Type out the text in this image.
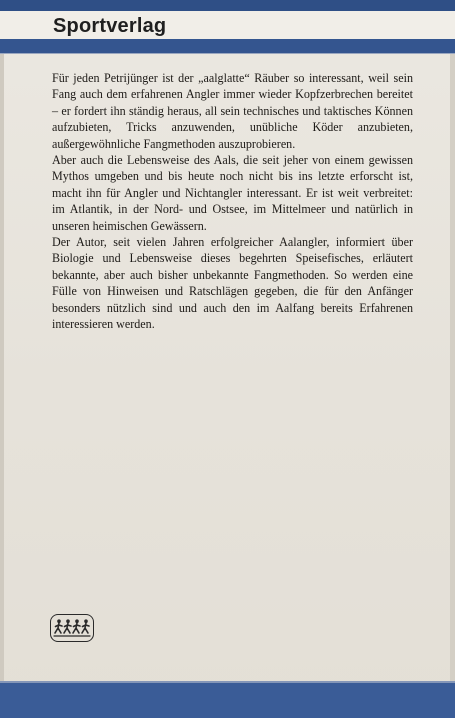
Sportverlag

Für jeden Petrijünger ist der „aalglatte“ Räuber so interessant, weil sein Fang auch dem erfahrenen Angler immer wieder Kopfzerbrechen bereitet – er fordert ihn ständig heraus, all sein technisches und taktisches Können aufzubieten, Tricks anzuwenden, unübliche Köder anzubieten, außergewöhnliche Fangmethoden auszuprobieren.

Aber auch die Lebensweise des Aals, die seit jeher von einem gewissen Mythos umgeben und bis heute noch nicht bis ins letzte erforscht ist, macht ihn für Angler und Nichtangler interessant. Er ist weit verbreitet: im Atlantik, in der Nord- und Ostsee, im Mittelmeer und natürlich in unseren heimischen Gewässern.

Der Autor, seit vielen Jahren erfolgreicher Aalangler, informiert über Biologie und Lebensweise dieses begehrten Speisefisches, erläutert bekannte, aber auch bisher unbekannte Fangmethoden. So werden eine Fülle von Hinweisen und Ratschlägen gegeben, die für den Anfänger besonders nützlich sind und auch den im Aalfang bereits Erfahrenen interessieren werden.
